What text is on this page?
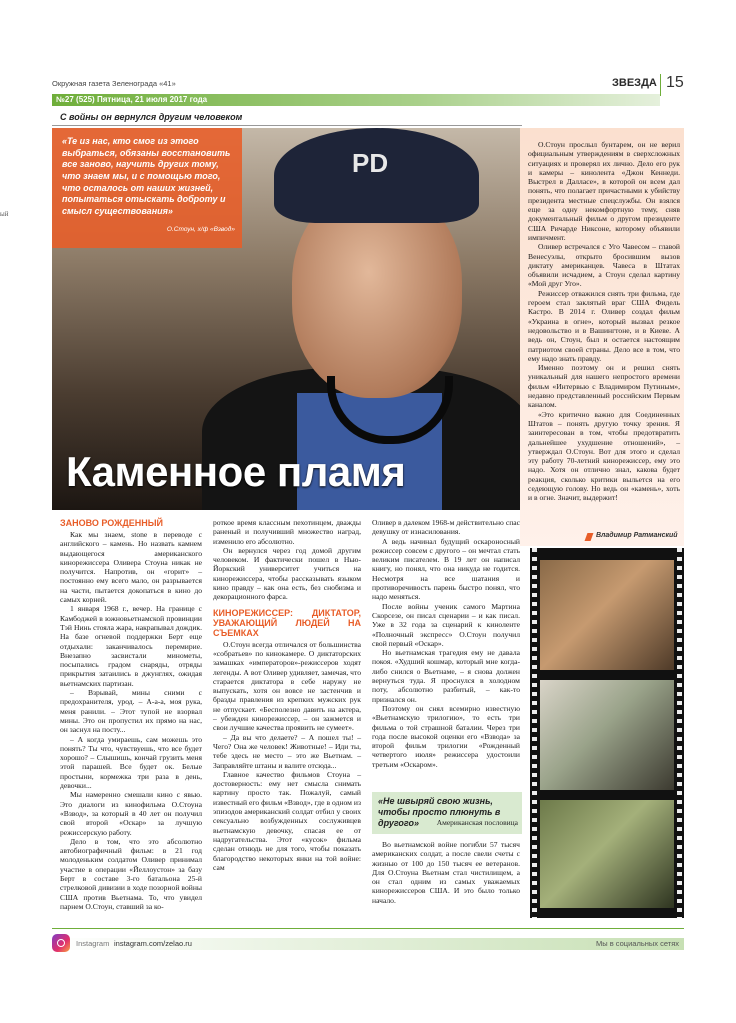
Окружная газета Зеленограда «41»
№27 (525) Пятница, 21 июля 2017 года
ЗВЕЗДА 15
ый
С войны он вернулся другим человеком
PD
«Те из нас, кто смог из этого выбраться, обязаны восстановить все заново, научить других тому, что знаем мы, и с помощью того, что осталось от наших жизней, попытаться отыскать доброту и смысл существования»
О.Стоун, х/ф «Взвод»
Каменное пламя

О.Стоун прослыл бунтарем, он не верил официальным утверждениям в сверхсложных ситуациях и проверял их лично. Дело его рук и камеры – кинолента «Джон Кеннеди. Выстрел в Далласе», в которой он всем дал понять, что полагает причастными к убийству президента местные спецслужбы. Он взялся еще за одну некомфортную тему, сняв документальный фильм о другом президенте США Ричарде Никсоне, которому объявили импичмент.

Оливер встречался с Уго Чавесом – главой Венесуэлы, открыто бросившим вызов диктату американцев. Чавеса в Штатах объявили исчадием, а Стоун сделал картину «Мой друг Уго».

Режиссер отважился снять три фильма, где героем стал заклятый враг США Фидель Кастро. В 2014 г. Оливер создал фильм «Украина в огне», который вызвал резкое недовольство и в Вашингтоне, и в Киеве. А ведь он, Стоун, был и остается настоящим патриотом своей страны. Дело все в том, что ему надо знать правду.

Именно поэтому он и решил снять уникальный для нашего непростого времени фильм «Интервью с Владимиром Путиным», недавно представленный российским Первым каналом.

«Это критично важно для Соединенных Штатов – понять другую точку зрения. Я заинтересован в том, чтобы предотвратить дальнейшее ухудшение отношений», – утверждал О.Стоун. Вот для этого и сделал эту работу 70-летний кинорежиссер, ему это надо. Хотя он отлично знал, какова будет реакция, сколько критики выльется на его седеющую голову. Но ведь он «камень», хоть и в огне. Значит, выдержит!

Владимир Ратманский
ЗАНОВО РОЖДЕННЫЙ

Как мы знаем, stone в переводе с английского – камень. Но назвать камнем выдающегося американского кинорежиссера Оливера Стоуна никак не получится. Напротив, он «горит» – постоянно ему всего мало, он разрывается на части, пытается докопаться в кино до самых корней.

1 января 1968 г., вечер. На границе с Камбоджей в южновьетнамской провинции Тэй Нинь стояла жара, накрапывал дождик. На базе огневой поддержки Берт еще отдыхали: заканчивалось перемирие. Внезапно засвистали минометы, посыпались градом снаряды, отряды прикрытия затаились в джунглях, ожидая вьетнамских партизан.

– Взрывай, мины сними с предохранителя, урод. – А-а-а, моя рука, меня ранили. – Этот тупой не взорвал мины. Это он пропустил их прямо на нас, он заснул на посту...

– А когда умираешь, сам можешь это понять? Ты что, чувствуешь, что все будет хорошо? – Слышишь, кончай грузить меня этой парашей. Все будет ок. Белые простыни, кормежка три раза в день, девочки...

Мы намеренно смешали кино с явью. Это диалоги из кинофильма О.Стоуна «Взвод», за который в 40 лет он получил свой второй «Оскар» за лучшую режиссерскую работу.

Дело в том, что это абсолютно автобиографичный фильм: в 21 год молоденьким солдатом Оливер принимал участие в операции «Йеллоустон» за базу Берт в составе 3-го батальона 25-й стрелковой дивизии в ходе позорной войны США против Вьетнама. То, что увидел парнем О.Стоун, ставший за ко-

роткое время классным пехотинцем, дважды раненый и получивший множество наград, изменило его абсолютно.

Он вернулся через год домой другим человеком. И фактически пошел в Нью-Йоркский университет учиться на кинорежиссера, чтобы рассказывать языком кино правду – как она есть, без снобизма и декорационного фарса.

КИНОРЕЖИССЕР: ДИКТАТОР, УВАЖАЮЩИЙ ЛЮДЕЙ НА СЪЕМКАХ

О.Стоун всегда отличался от большинства «собратьев» по кинокамере. О диктаторских замашках «императоров»-режиссеров ходят легенды. А вот Оливер удивляет, замечая, что старается диктатора в себе наружу не выпускать, хотя он вовсе не застенчив и бразды правления из крепких мужских рук не отпускает. «Бесполезно давить на актера, – убежден кинорежиссер, – он зажмется и свои лучшие качества проявить не сумеет».

– Да вы что делаете? – А пошел ты! – Чего? Она же человек! Животные! – Иди ты, тебе здесь не место – это же Вьетнам. – Заправляйте штаны и валите отсюда...

Главное качество фильмов Стоуна – достоверность: ему нет смысла снимать картину просто так. Пожалуй, самый известный его фильм «Взвод», где в одном из эпизодов американский солдат отбил у своих сексуально возбужденных сослуживцев вьетнамскую девочку, спасая ее от надругательства. Этот «кусок» фильма сделан отнюдь не для того, чтобы показать благородство некоторых янки на той войне: сам

Оливер в далеком 1968-м действительно спас девушку от изнасилования.

А ведь начинал будущий оскароносный режиссер совсем с другого – он мечтал стать великим писателем. В 19 лет он написал книгу, но понял, что она никуда не годится. Несмотря на все шатания и противоречивость парень быстро понял, что надо меняться.

После войны ученик самого Мартина Скорсезе, он писал сценарии – и как писал. Уже в 32 года за сценарий к киноленте «Полночный экспресс» О.Стоун получил свой первый «Оскар».

Но вьетнамская трагедия ему не давала покоя. «Худший кошмар, который мне когда-либо снился о Вьетнаме, – я снова должен вернуться туда. Я проснулся в холодном поту, абсолютно разбитый, – как-то признался он.

Поэтому он снял всемирно известную «Вьетнамскую трилогию», то есть три фильма о той страшной баталии. Через три года после высокой оценки его «Взвода» за второй фильм трилогии «Рожденный четвертого июля» режиссера удостоили третьим «Оскаром».

«Не швыряй свою жизнь, чтобы просто плюнуть в другого»	Американская пословица

Во вьетнамской войне погибли 57 тысяч американских солдат, а после свели счеты с жизнью от 100 до 150 тысяч ее ветеранов. Для О.Стоуна Вьетнам стал чистилищем, а он стал одним из самых уважаемых кинорежиссеров США. И это было только начало.

Instagram instagram.com/zelao.ru	Мы в социальных сетях
